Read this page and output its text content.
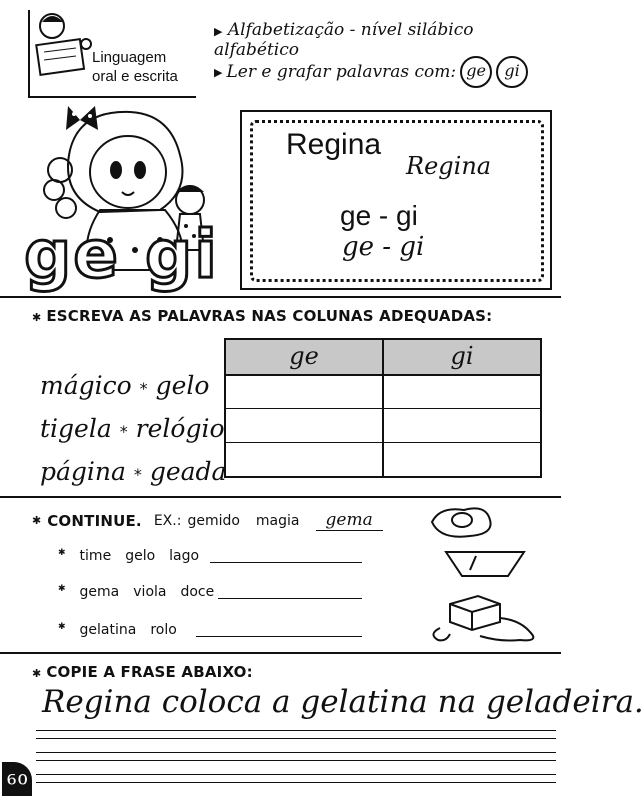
Linguagem
oral e escrita
▶ Alfabetização - nível silábico alfabético
▶ Ler e grafar palavras com: ge	gi
ge gi
Regina
Regina
ge - gi
ge - gi
✱ ESCREVA AS PALAVRAS NAS COLUNAS ADEQUADAS:
mágico * gelo
tigela * relógio
página * geada
ge	gi
✱ CONTINUE. EX.: gemido magia	gema
✱ time gelo lago
✱ gema viola doce
✱ gelatina rolo
✱ COPIE A FRASE ABAIXO:
Regina coloca a gelatina na geladeira.
60
